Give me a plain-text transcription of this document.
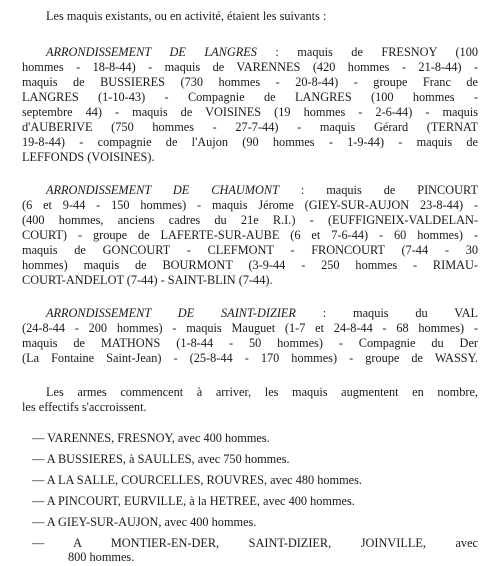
Les maquis existants, ou en activité, étaient les suivants :
ARRONDISSEMENT DE LANGRES : maquis de FRESNOY (100
hommes - 18-8-44) - maquis de VARENNES (420 hommes - 21-8-44) -
maquis de BUSSIERES (730 hommes - 20-8-44) - groupe Franc de
LANGRES (1-10-43) - Compagnie de LANGRES (100 hommes -
septembre 44) - maquis de VOISINES (19 hommes - 2-6-44) - maquis
d'AUBERIVE (750 hommes - 27-7-44) - maquis Gérard (TERNAT
19-8-44) - compagnie de l'Aujon (90 hommes - 1-9-44) - maquis de
LEFFONDS (VOISINES).
ARRONDISSEMENT DE CHAUMONT : maquis de PINCOURT
(6 et 9-44 - 150 hommes) - maquis Jérome (GIEY-SUR-AUJON 23-8-44) -
(400 hommes, anciens cadres du 21e R.I.) - (EUFFIGNEIX-VALDELAN-
COURT) - groupe de LAFERTE-SUR-AUBE (6 et 7-6-44) - 60 hommes) -
maquis de GONCOURT - CLEFMONT - FRONCOURT (7-44 - 30
hommes) maquis de BOURMONT (3-9-44 - 250 hommes - RIMAU-
COURT-ANDELOT (7-44) - SAINT-BLIN (7-44).
ARRONDISSEMENT DE SAINT-DIZIER : maquis du VAL
(24-8-44 - 200 hommes) - maquis Mauguet (1-7 et 24-8-44 - 68 hommes) -
maquis de MATHONS (1-8-44 - 50 hommes) - Compagnie du Der
(La Fontaine Saint-Jean) - (25-8-44 - 170 hommes) - groupe de WASSY.
Les armes commencent à arriver, les maquis augmentent en nombre,
les effectifs s'accroissent.
— VARENNES, FRESNOY, avec 400 hommes.
— A BUSSIERES, à SAULLES, avec 750 hommes.
— A LA SALLE, COURCELLES, ROUVRES, avec 480 hommes.
— A PINCOURT, EURVILLE, à la HETREE, avec 400 hommes.
— A GIEY-SUR-AUJON, avec 400 hommes.
— A MONTIER-EN-DER, SAINT-DIZIER, JOINVILLE, avec
800 hommes.
